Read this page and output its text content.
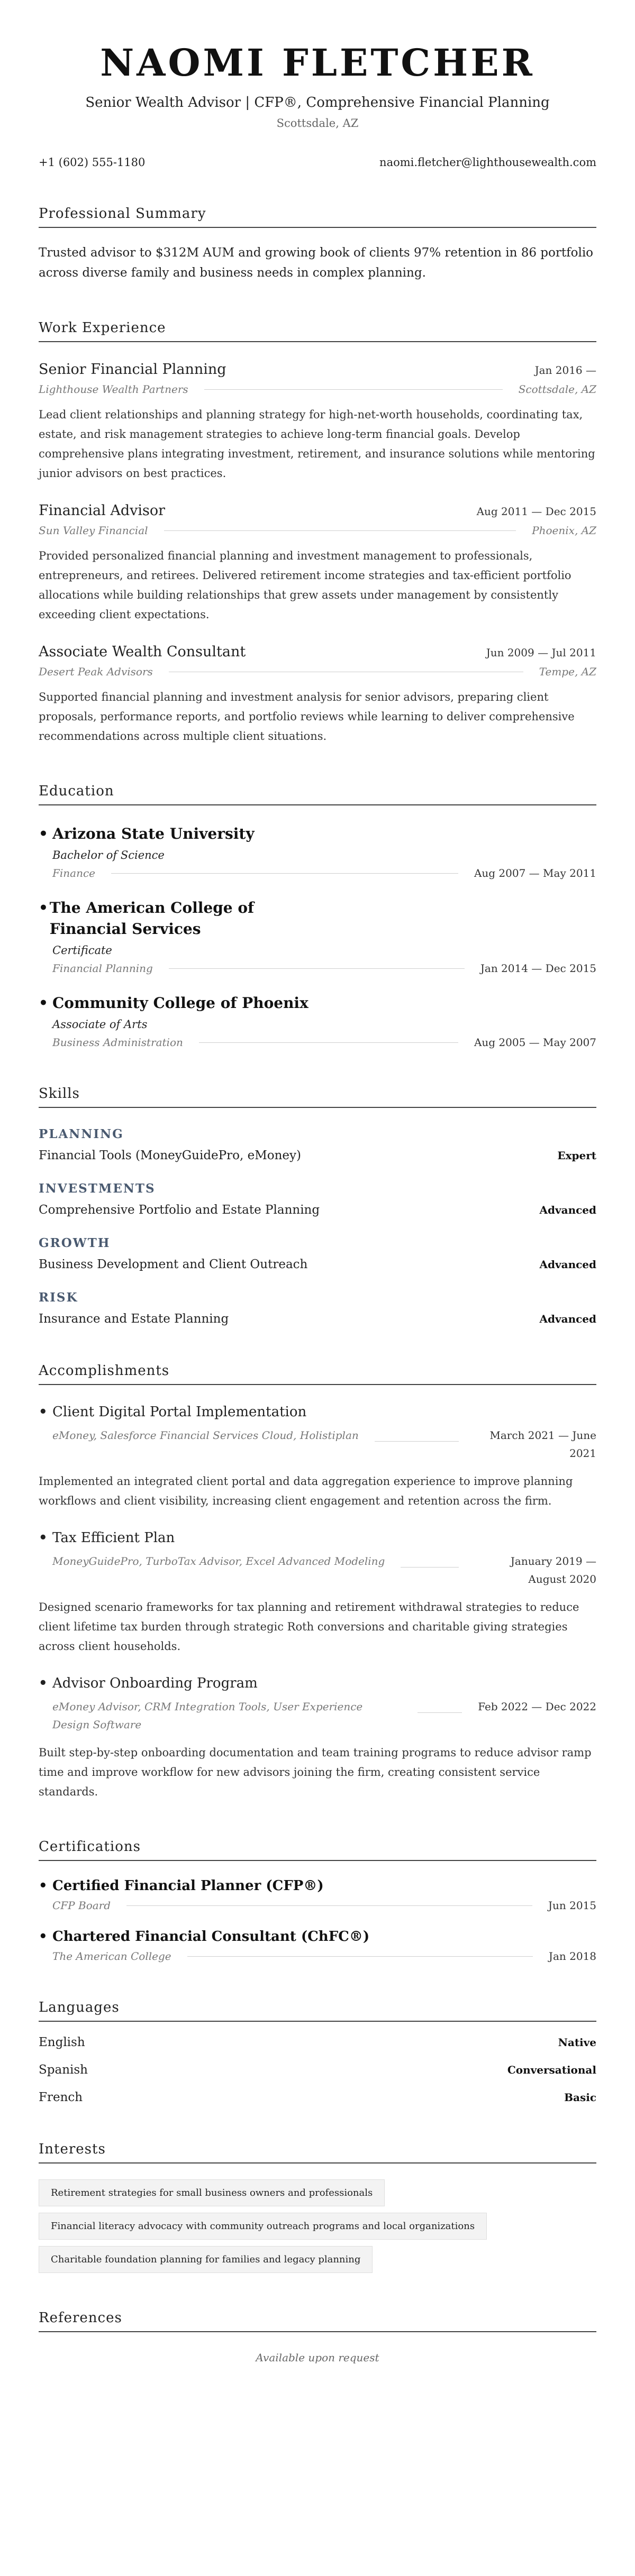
NAOMI FLETCHER
Senior Wealth Advisor | CFP®, Comprehensive Financial Planning
Scottsdale, AZ
+1 (602) 555-1180	naomi.fletcher@lighthousewealth.com
Professional Summary
Trusted advisor to $312M AUM and growing book of clients 97% retention in 86 portfolio across diverse family and business needs in complex planning.
Work Experience
Senior Financial Planning	Jan 2016 —
Lighthouse Wealth Partners	Scottsdale, AZ
Lead client relationships and planning strategy for high-net-worth households, coordinating tax, estate, and risk management strategies to achieve long-term financial goals. Develop comprehensive plans integrating investment, retirement, and insurance solutions while mentoring junior advisors on best practices.
Financial Advisor	Aug 2011 — Dec 2015
Sun Valley Financial	Phoenix, AZ
Provided personalized financial planning and investment management to professionals, entrepreneurs, and retirees. Delivered retirement income strategies and tax-efficient portfolio allocations while building relationships that grew assets under management by consistently exceeding client expectations.
Associate Wealth Consultant	Jun 2009 — Jul 2011
Desert Peak Advisors	Tempe, AZ
Supported financial planning and investment analysis for senior advisors, preparing client proposals, performance reports, and portfolio reviews while learning to deliver comprehensive recommendations across multiple client situations.
Education
• Arizona State University
Bachelor of Science
Finance	Aug 2007 — May 2011
• The American College of Financial Services
Certificate
Financial Planning	Jan 2014 — Dec 2015
• Community College of Phoenix
Associate of Arts
Business Administration	Aug 2005 — May 2007
Skills
PLANNING
Financial Tools (MoneyGuidePro, eMoney)	Expert
INVESTMENTS
Comprehensive Portfolio and Estate Planning	Advanced
GROWTH
Business Development and Client Outreach	Advanced
RISK
Insurance and Estate Planning	Advanced
Accomplishments
• Client Digital Portal Implementation
eMoney, Salesforce Financial Services Cloud, Holistiplan	March 2021 — June 2021
Implemented an integrated client portal and data aggregation experience to improve planning workflows and client visibility, increasing client engagement and retention across the firm.
• Tax Efficient Plan
MoneyGuidePro, TurboTax Advisor, Excel Advanced Modeling	January 2019 — August 2020
Designed scenario frameworks for tax planning and retirement withdrawal strategies to reduce client lifetime tax burden through strategic Roth conversions and charitable giving strategies across client households.
• Advisor Onboarding Program
eMoney Advisor, CRM Integration Tools, User Experience Design Software
Feb 2022 — Dec 2022
Built step-by-step onboarding documentation and team training programs to reduce advisor ramp time and improve workflow for new advisors joining the firm, creating consistent service standards.
Certifications
• Certified Financial Planner (CFP®)
CFP Board	Jun 2015
• Chartered Financial Consultant (ChFC®)
The American College	Jan 2018
Languages
English	Native
Spanish	Conversational
French	Basic
Interests
Retirement strategies for small business owners and professionals
Financial literacy advocacy with community outreach programs and local organizations
Charitable foundation planning for families and legacy planning
References
Available upon request
